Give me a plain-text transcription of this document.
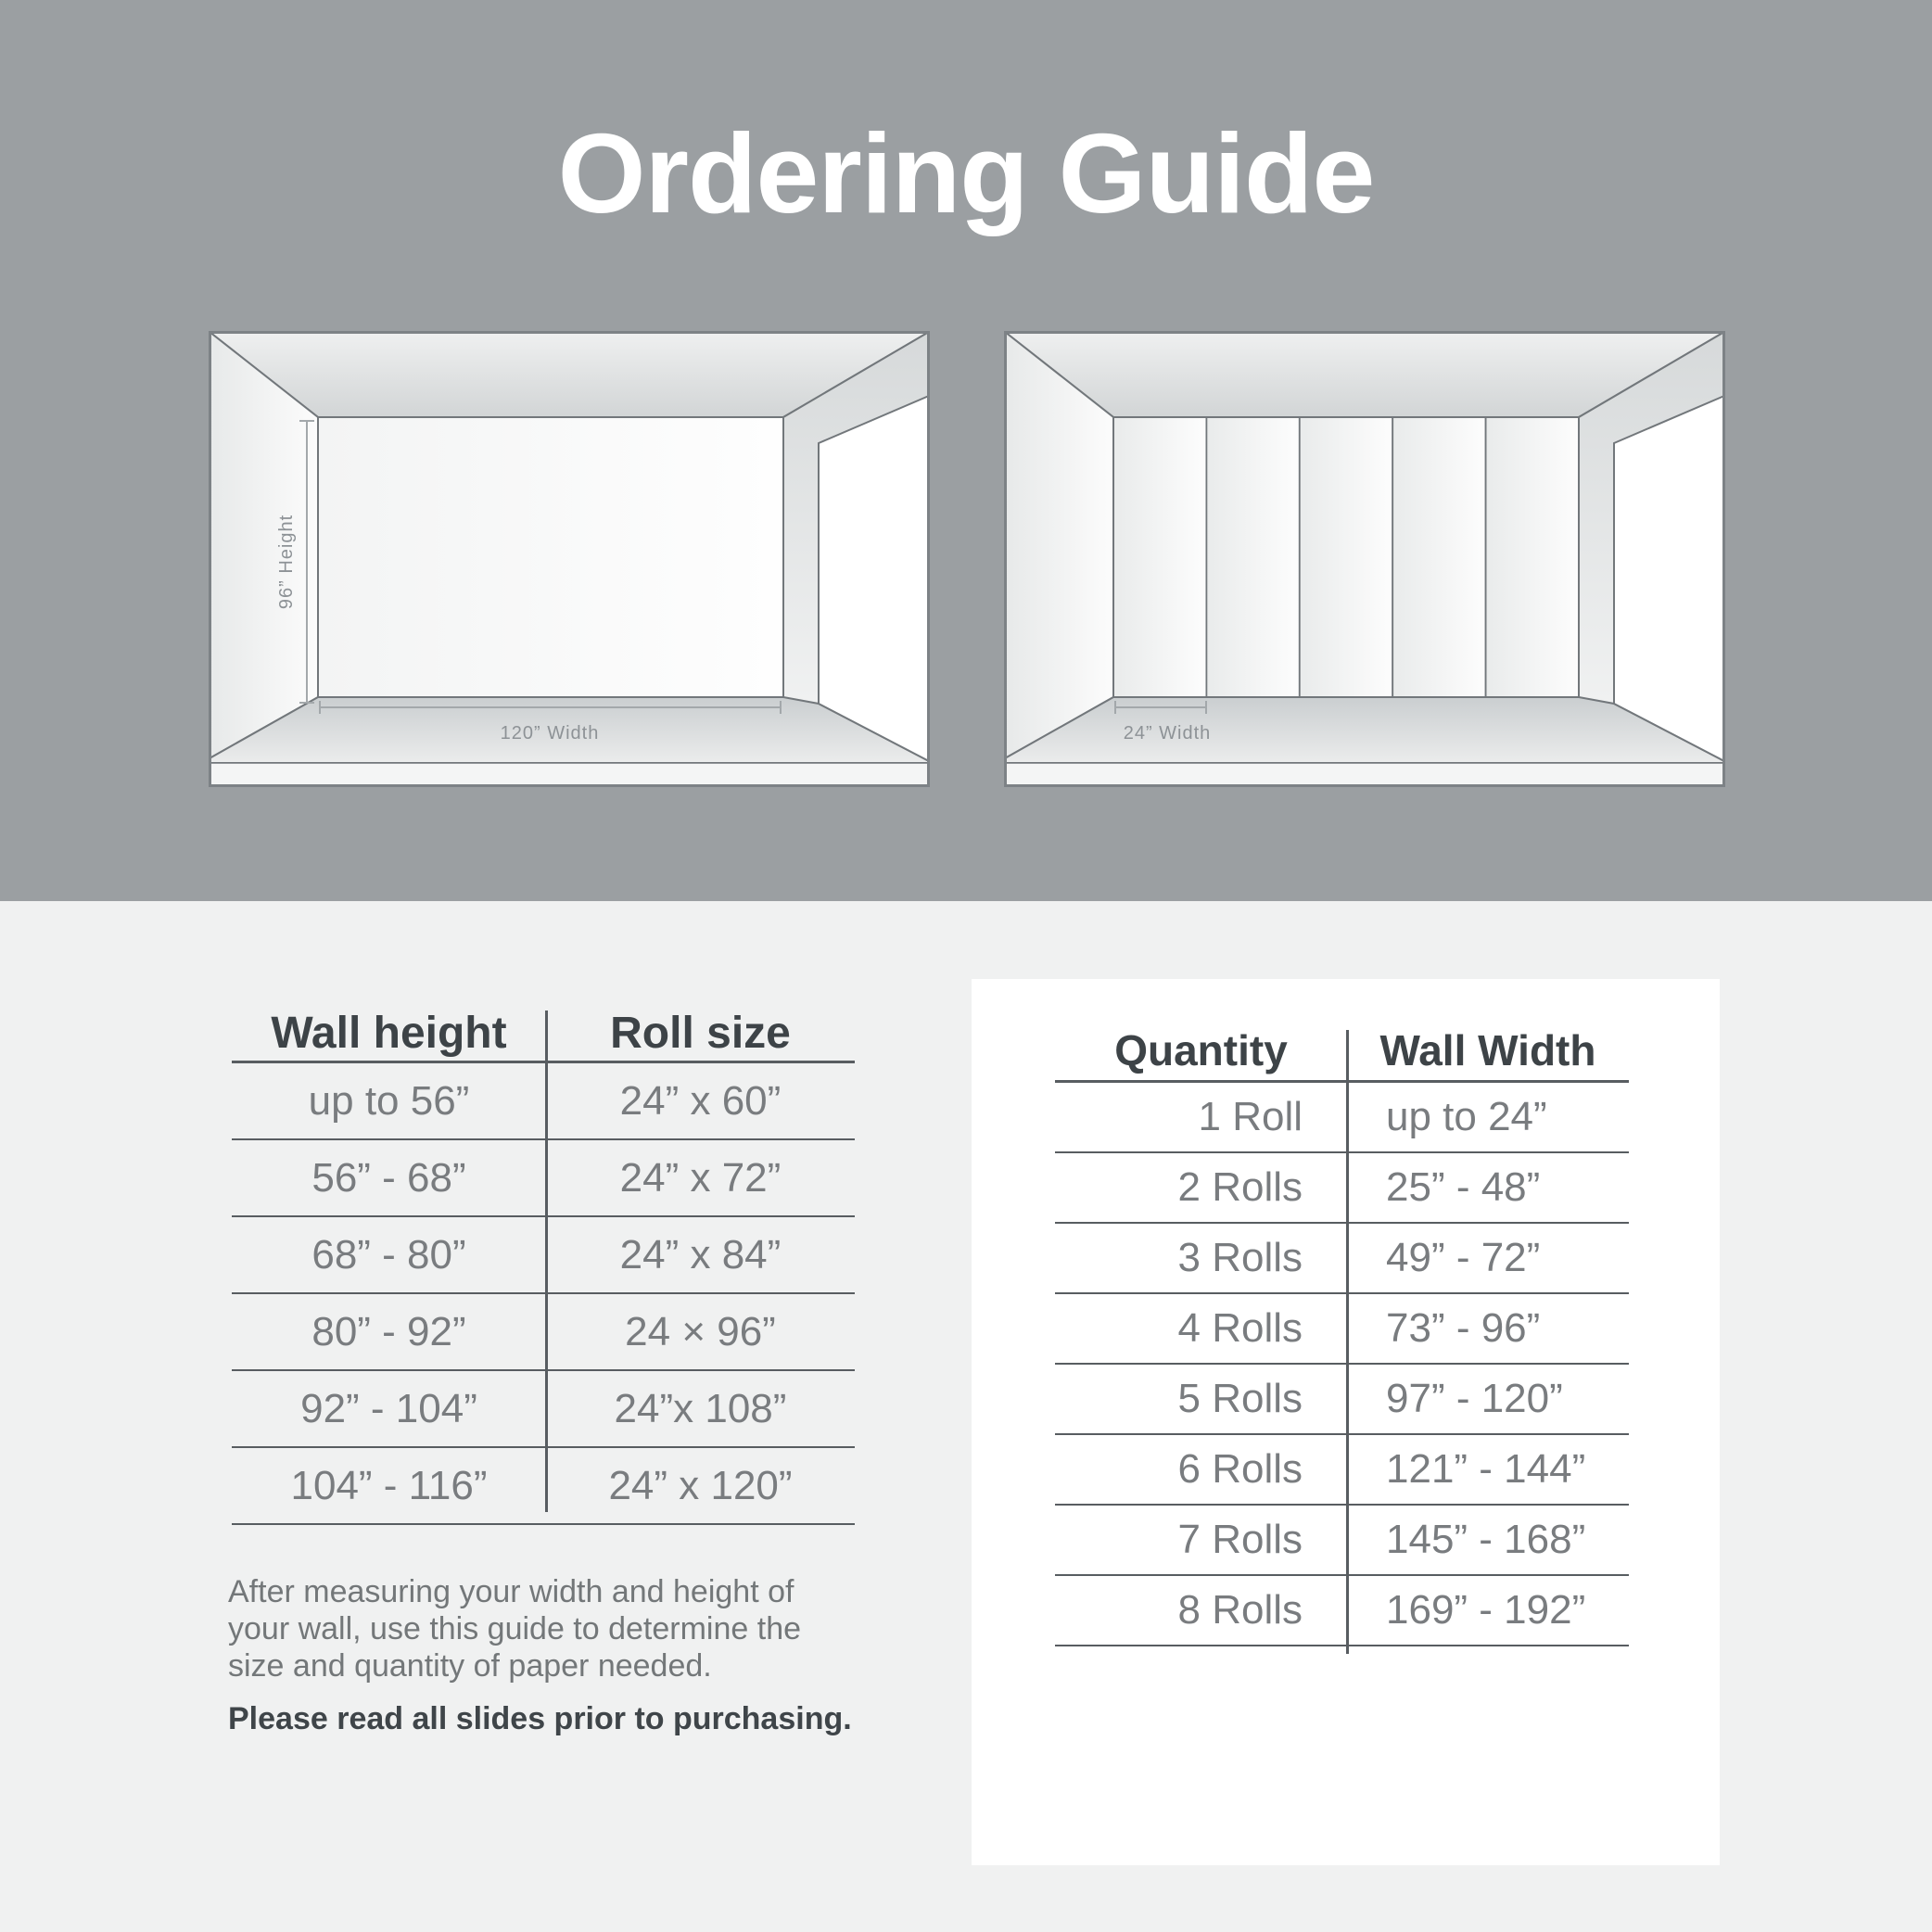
Ordering Guide
96” Height
120” Width	24” Width
Wall height	Roll size
up to 56”	24” x 60”
56” - 68”	24” x 72”
68” - 80”	24” x 84”
80” - 92”	24 × 96”
92” - 104”	24”x 108”
104” - 116”	24” x 120”
After measuring your width and height of
your wall, use this guide to determine the
size and quantity of paper needed.
Please read all slides prior to purchasing.
Quantity	Wall Width
1 Roll	up to 24”
2 Rolls	25” - 48”
3 Rolls	49” - 72”
4 Rolls	73” - 96”
5 Rolls	97” - 120”
6 Rolls	121” - 144”
7 Rolls	145” - 168”
8 Rolls	169” - 192”
